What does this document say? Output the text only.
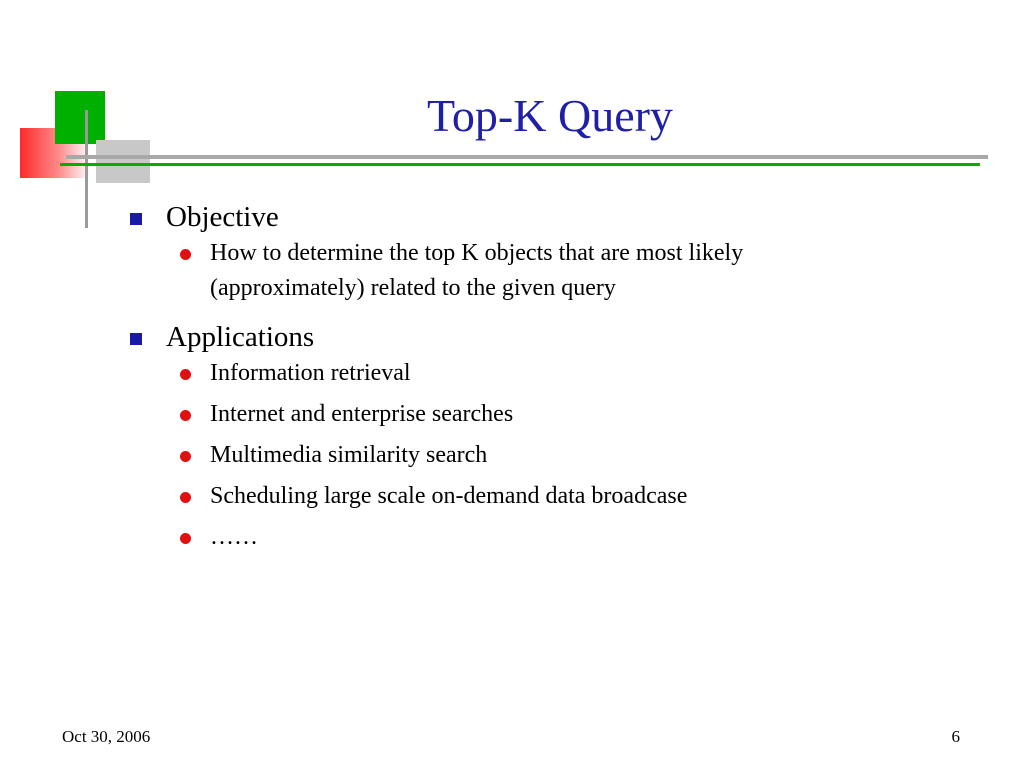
Top-K Query
Objective
How to determine the top K objects that are most likely (approximately) related to the given query
Applications
Information retrieval
Internet and enterprise searches
Multimedia similarity search
Scheduling large scale on-demand data broadcase
……
Oct 30, 2006	6
